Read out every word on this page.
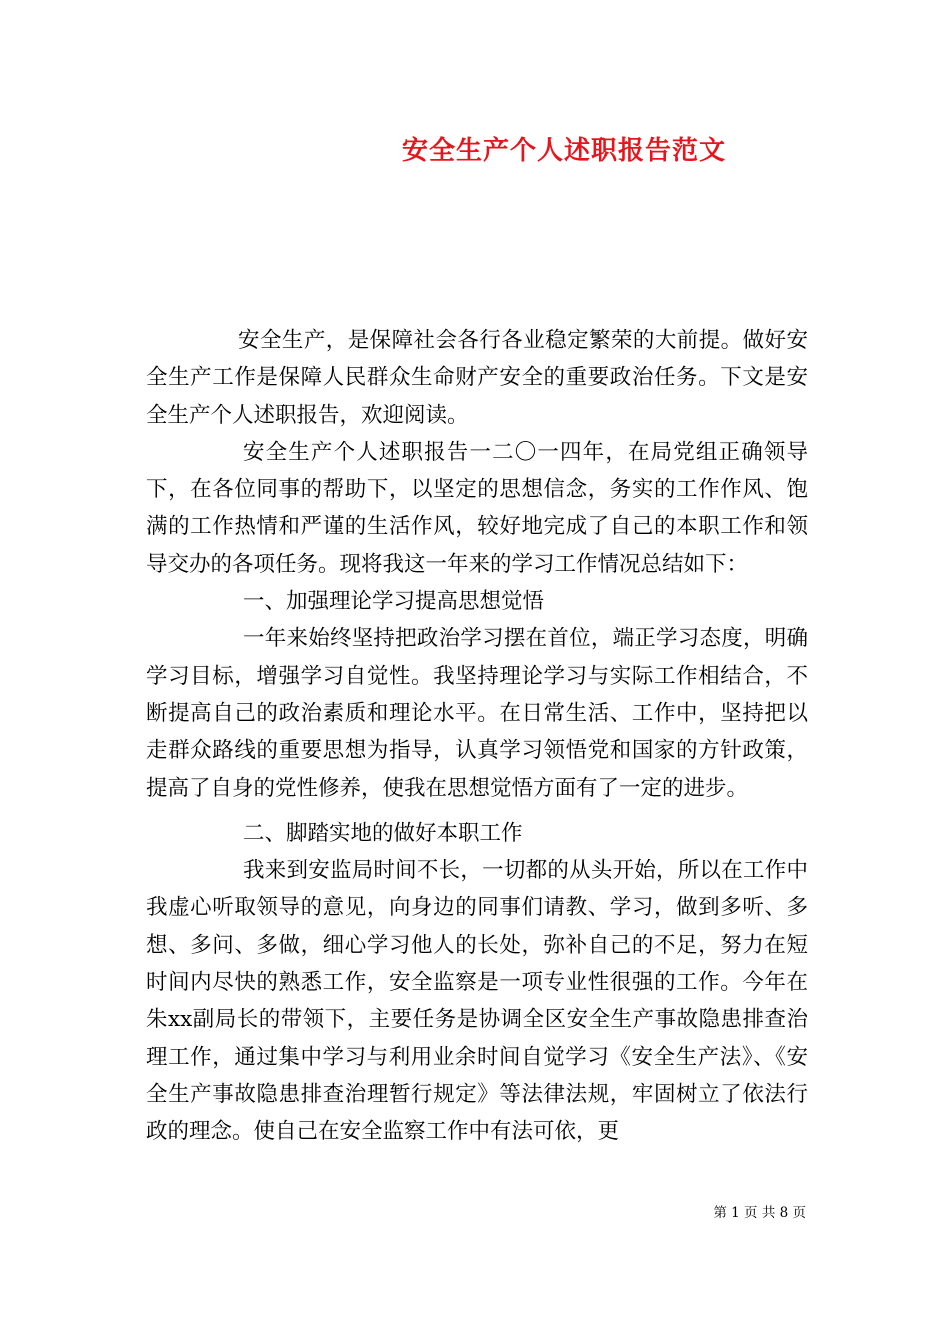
安全生产个人述职报告范文

安全生产，是保障社会各行各业稳定繁荣的大前提。做好安全生产工作是保障人民群众生命财产安全的重要政治任务。下文是安全生产个人述职报告，欢迎阅读。

安全生产个人述职报告一二〇一四年，在局党组正确领导下，在各位同事的帮助下，以坚定的思想信念，务实的工作作风、饱满的工作热情和严谨的生活作风，较好地完成了自己的本职工作和领导交办的各项任务。现将我这一年来的学习工作情况总结如下：

一、加强理论学习提高思想觉悟

一年来始终坚持把政治学习摆在首位，端正学习态度，明确学习目标，增强学习自觉性。我坚持理论学习与实际工作相结合，不断提高自己的政治素质和理论水平。在日常生活、工作中，坚持把以走群众路线的重要思想为指导，认真学习领悟党和国家的方针政策，提高了自身的党性修养，使我在思想觉悟方面有了一定的进步。

二、脚踏实地的做好本职工作

我来到安监局时间不长，一切都的从头开始，所以在工作中我虚心听取领导的意见，向身边的同事们请教、学习，做到多听、多想、多问、多做，细心学习他人的长处，弥补自己的不足，努力在短时间内尽快的熟悉工作，安全监察是一项专业性很强的工作。今年在朱xx副局长的带领下，主要任务是协调全区安全生产事故隐患排查治理工作，通过集中学习与利用业余时间自觉学习《安全生产法》、《安全生产事故隐患排查治理暂行规定》等法律法规，牢固树立了依法行政的理念。使自己在安全监察工作中有法可依，更

第 1 页 共 8 页
